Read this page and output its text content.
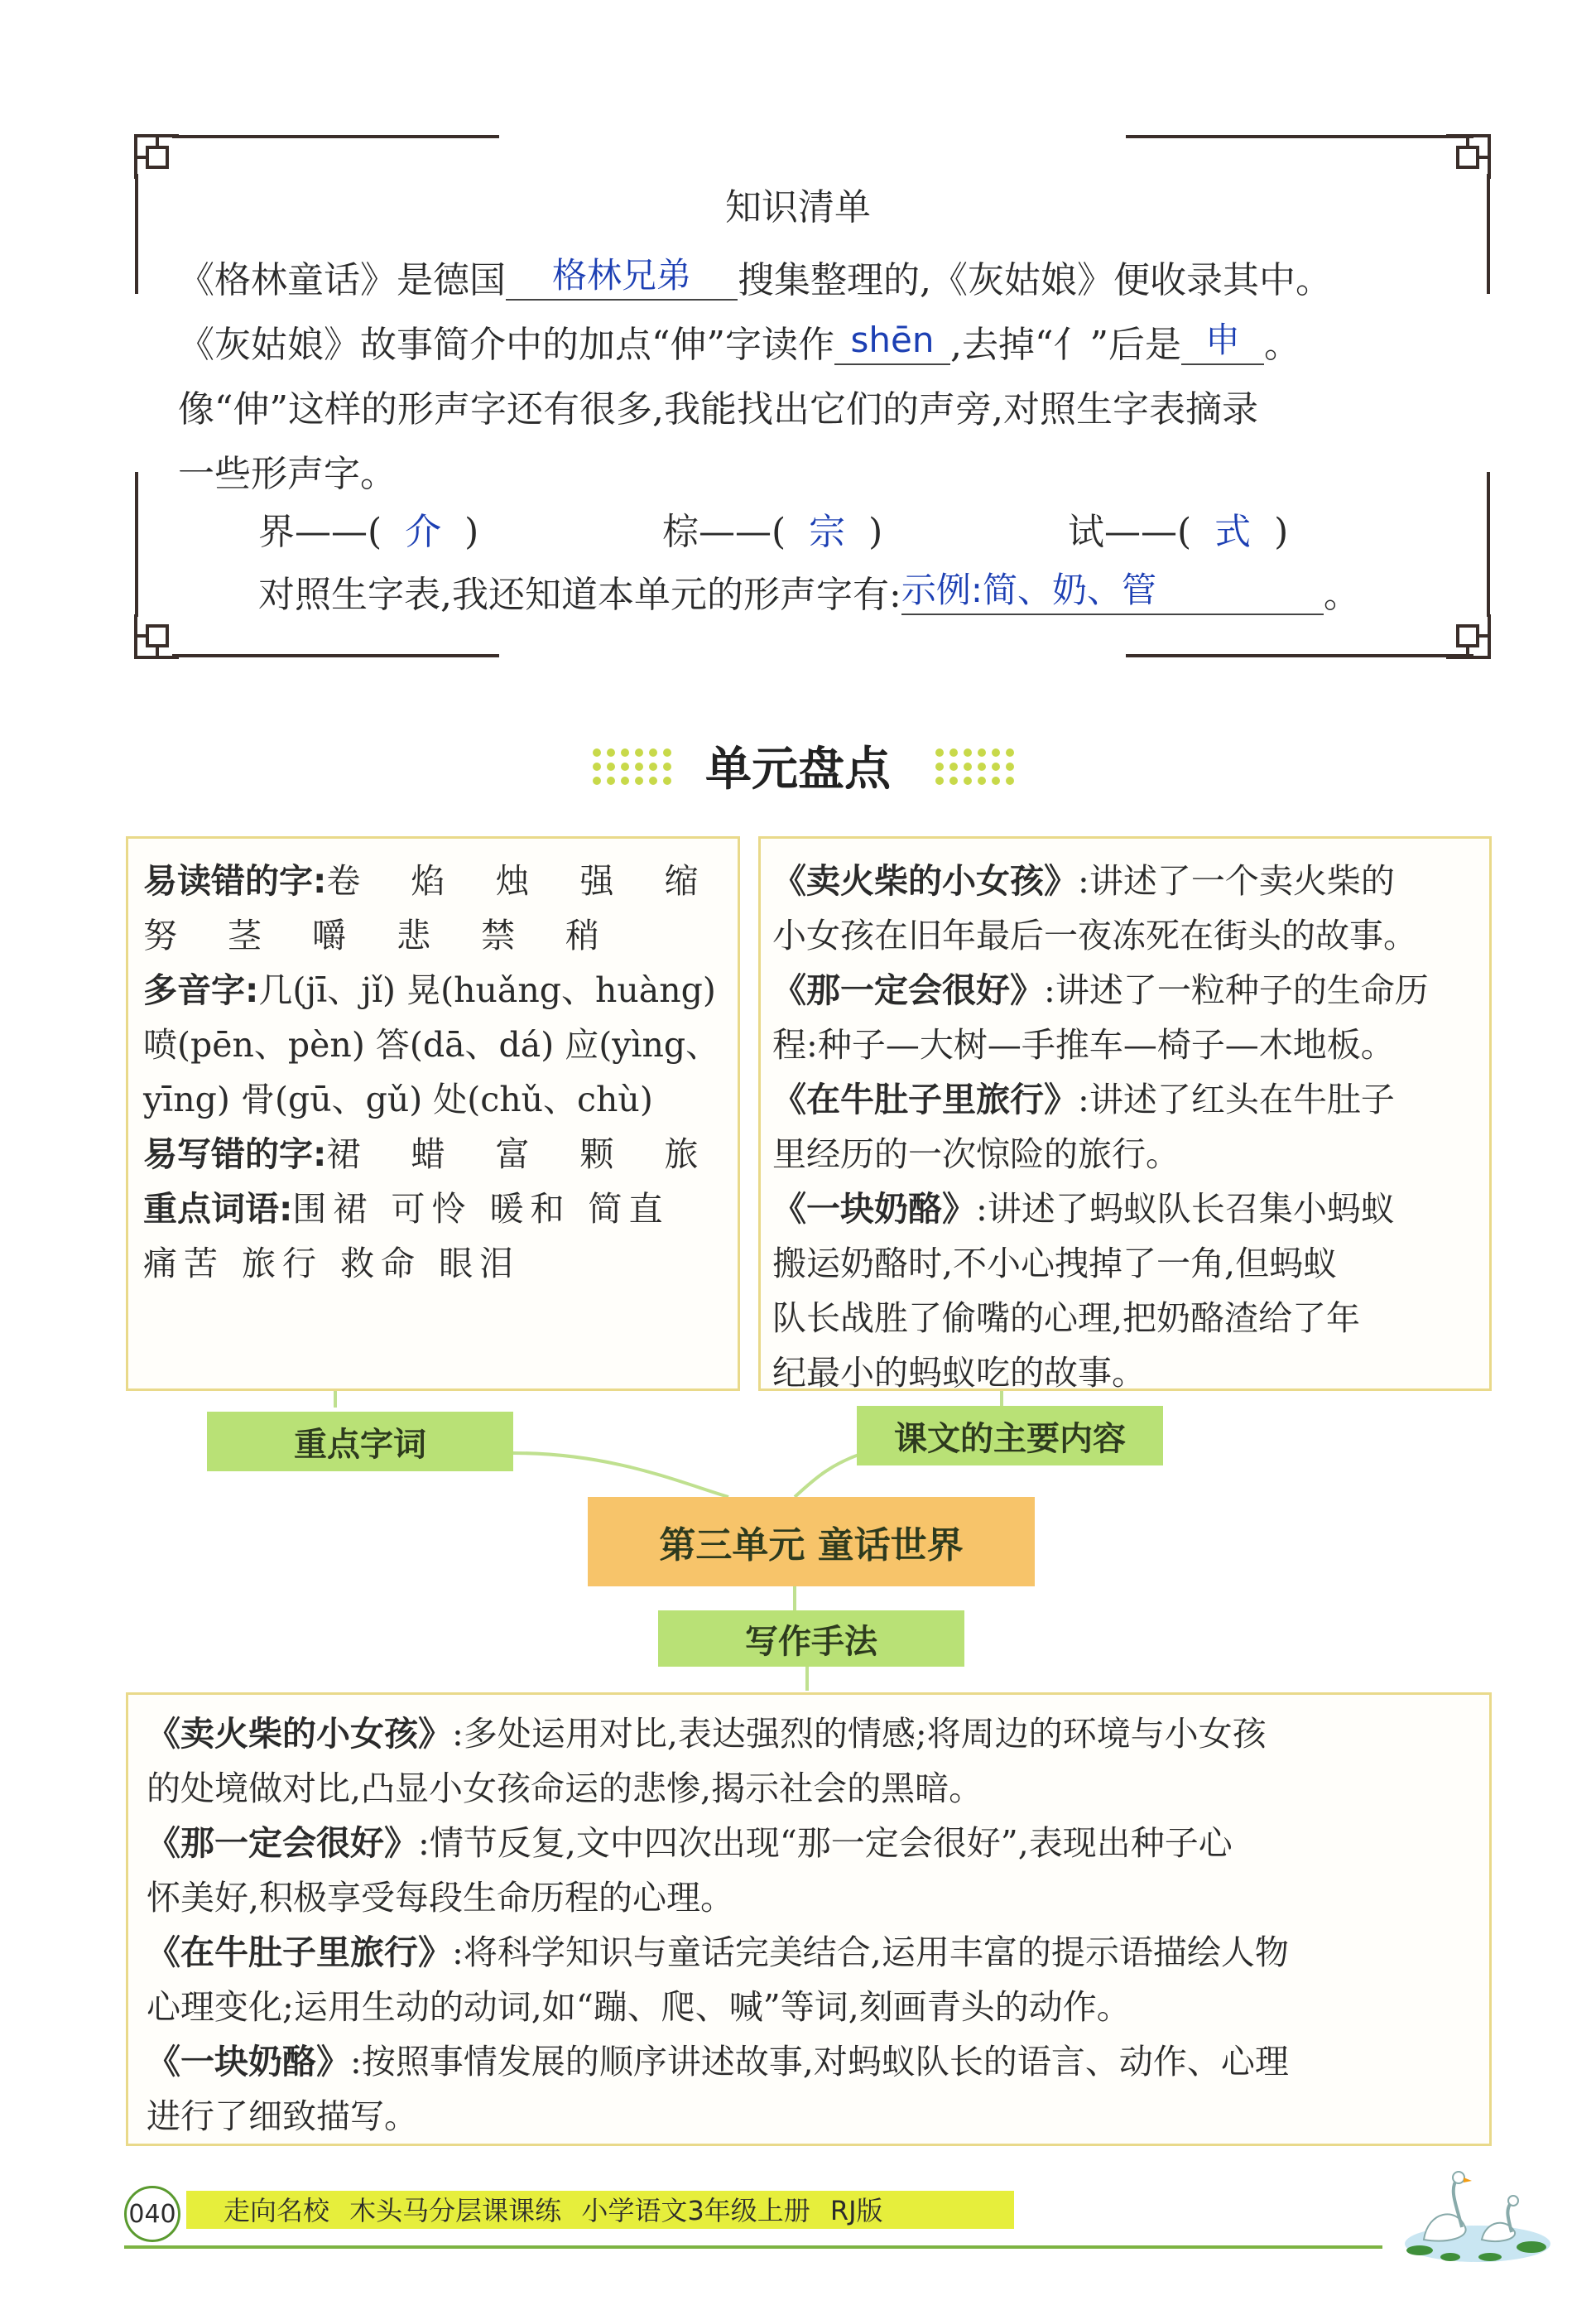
知识清单
《格林童话》是德国 格林兄弟 搜集整理的,《灰姑娘》便收录其中。
《灰姑娘》故事简介中的加点“伸”字读作 shēn ,去掉“亻”后是 申 。
像“伸”这样的形声字还有很多,我能找出它们的声旁,对照生字表摘录
一些形声字。
界——( 介 )	棕——( 宗 )	试——( 式 )
对照生字表,我还知道本单元的形声字有:示例:简、奶、管	。
单元盘点
易读错的字:卷 焰 烛 强 缩
努 茎 嚼 悲 禁 稍
多音字:几(jī、jǐ) 晃(huǎng、huàng)
喷(pēn、pèn) 答(dā、dá) 应(yìng、
yīng) 骨(gū、gǔ) 处(chǔ、chù)
易写错的字:裙 蜡 富 颗 旅
重点词语:围裙 可怜 暖和 简直
痛苦 旅行 救命 眼泪
《卖火柴的小女孩》:讲述了一个卖火柴的
小女孩在旧年最后一夜冻死在街头的故事。
《那一定会很好》:讲述了一粒种子的生命历
程:种子—大树—手推车—椅子—木地板。
《在牛肚子里旅行》:讲述了红头在牛肚子
里经历的一次惊险的旅行。
《一块奶酪》:讲述了蚂蚁队长召集小蚂蚁
搬运奶酪时,不小心拽掉了一角,但蚂蚁
队长战胜了偷嘴的心理,把奶酪渣给了年
纪最小的蚂蚁吃的故事。
重点字词	课文的主要内容
第三单元 童话世界
写作手法
《卖火柴的小女孩》:多处运用对比,表达强烈的情感;将周边的环境与小女孩
的处境做对比,凸显小女孩命运的悲惨,揭示社会的黑暗。
《那一定会很好》:情节反复,文中四次出现“那一定会很好”,表现出种子心
怀美好,积极享受每段生命历程的心理。
《在牛肚子里旅行》:将科学知识与童话完美结合,运用丰富的提示语描绘人物
心理变化;运用生动的动词,如“蹦、爬、喊”等词,刻画青头的动作。
《一块奶酪》:按照事情发展的顺序讲述故事,对蚂蚁队长的语言、动作、心理
进行了细致描写。
040 走向名校 木头马分层课课练 小学语文3年级上册 RJ版
